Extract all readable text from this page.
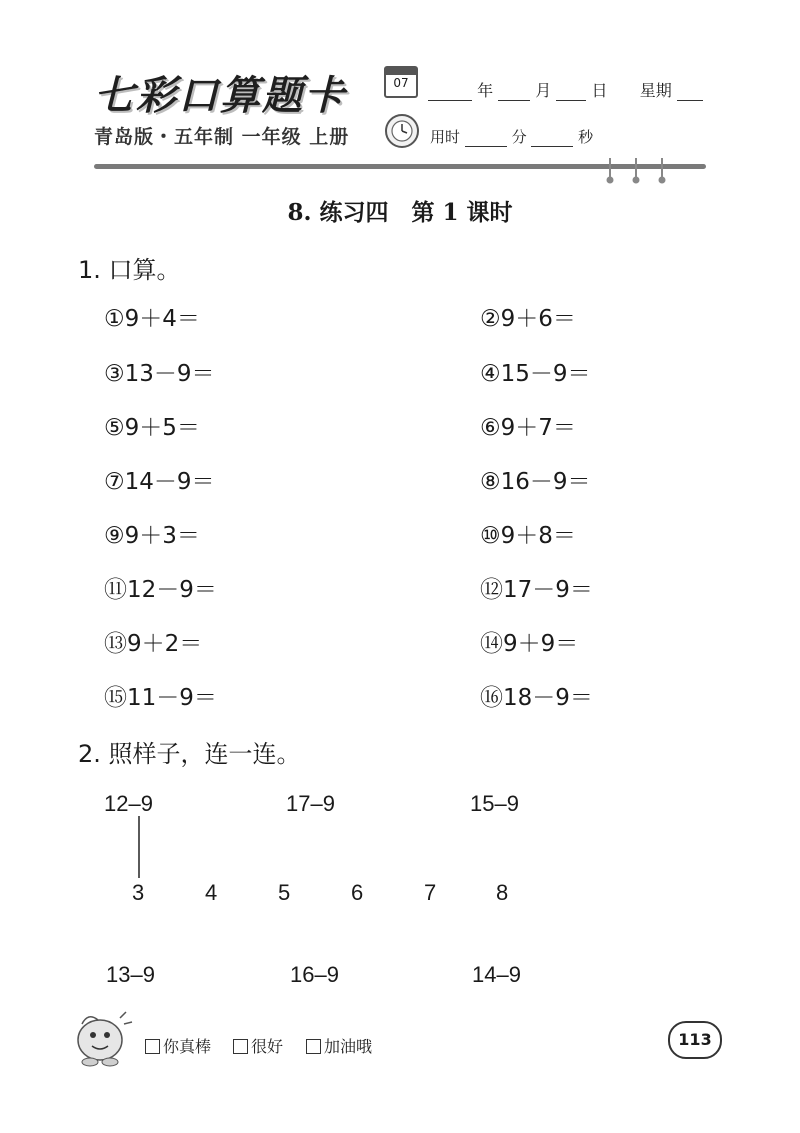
七彩口算题卡	07	年	月	日 星期
青岛版・五年制 一年级 上册	用时	分	秒
8. 练习四　第 1 课时
1. 口算。
①9＋4＝	②9＋6＝
③13－9＝	④15－9＝
⑤9＋5＝	⑥9＋7＝
⑦14－9＝	⑧16－9＝
⑨9＋3＝	⑩9＋8＝
⑪12－9＝	⑫17－9＝
⑬9＋2＝	⑭9＋9＝
⑮11－9＝	⑯18－9＝
2. 照样子，连一连。
12–9	17–9	15–9
3	4	5	6	7	8
13–9	16–9	14–9
你真棒	很好	加油哦	113
